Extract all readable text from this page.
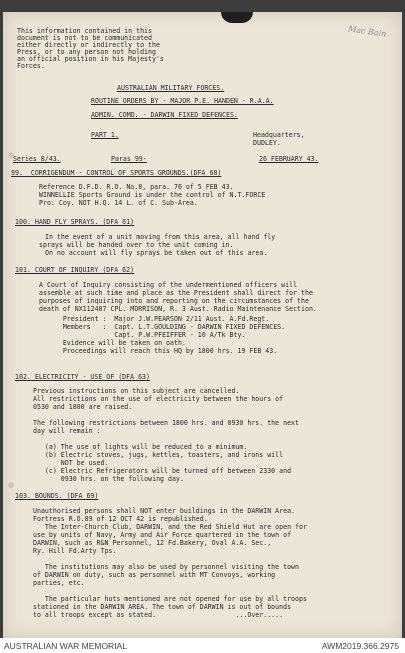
Mac Bain
This information contained in this
document is not to be communicated
either directly or indirectly to the
Press, or to any person not holding
an official position in his Majesty's
Forces.
AUSTRALIAN MILITARY FORCES.
ROUTINE ORDERS BY - MAJOR P.E. HANDEN - R.A.A.
ADMIN. COMD. - DARWIN FIXED DEFENCES.
PART 1.	Headquarters,
DUDLEY.
Series 8/43.	Paras 99-	26 FEBRUARY 43.
99.  CORRIGENDUM - CONTROL OF SPORTS GROUNDS.(DFA 60)
Reference D.F.D. R.O. No.8, para. 76 of 5 FEB 43.
WINNELLIE Sports Ground is under the control of N.T.FORCE
Pro. Coy. NOT H.Q. 14 L. of C. Sub-Area.
100. HAND FLY SPRAYS. (DFA 61)
In the event of a unit moving from this area, all hand fly
sprays will be handed over to the unit coming in.
On no account will fly sprays be taken out of this area.
101. COURT OF INQUIRY (DFA 62)
A Court of Inquiry consisting of the undermentioned officers will
assemble at such time and place as the President shall direct for the
purposes of inquiring into and reporting on the circumstances of the
death of NX112487 CPL. MORRISON, R. 3 Aust. Radio Maintenance Section.
President :  Major J.W.PEARSON 2/11 Aust. A.Fd.Regt.
Members   :  Capt. L.T.GOULDING - DARWIN FIXED DEFENCES.
Capt. P.W.PFEIFFER - 10 A/Tk Bty.
Evidence will be taken on oath.
Proceedings will reach this HQ by 1800 hrs. 19 FEB 43.
102. ELECTRICITY - USE OF (DFA 63)
Previous instructions on this subject are cancelled.
All restrictions on the use of electricity between the hours of
0530 and 1800 are raised.
The following restrictions between 1800 hrs. and 0930 hrs. the next
day will remain :
(a) The use of lights will be reduced to a minimum.
(b) Electric stoves, jugs, kettles, toasters, and irons will
NOT be used.
(c) Electric Refrigerators will be turned off between 2330 and
0930 hrs. on the following day.
103. BOUNDS. (DFA 69)
Unauthorised persons shall NOT enter buildings in the DARWIN Area.
Fortress R.O.89 of 12 OCT 42 is republished.
The Inter-Church Club, DARWIN, and the Red Shield Hut are open for
use by units of Navy, Army and Air Force quartered in the town of
DARWIN, such as R&N Personnel, 12 Fd.Bakery, Oval A.A. Sec.,
Ry. Hill Fd.Arty Tps.
The institutions may also be used by personnel visiting the town
of DARWIN on duty, such as personnel with MT Convoys, working
parties, etc.
The particular huts mentioned are not opened for use by all troops
stationed in the DARWIN AREA. The town of DARWIN is out of bounds
to all troops except as stated.                    ...Over.....
AUSTRALIAN WAR MEMORIAL	AWM2019.366.2975
